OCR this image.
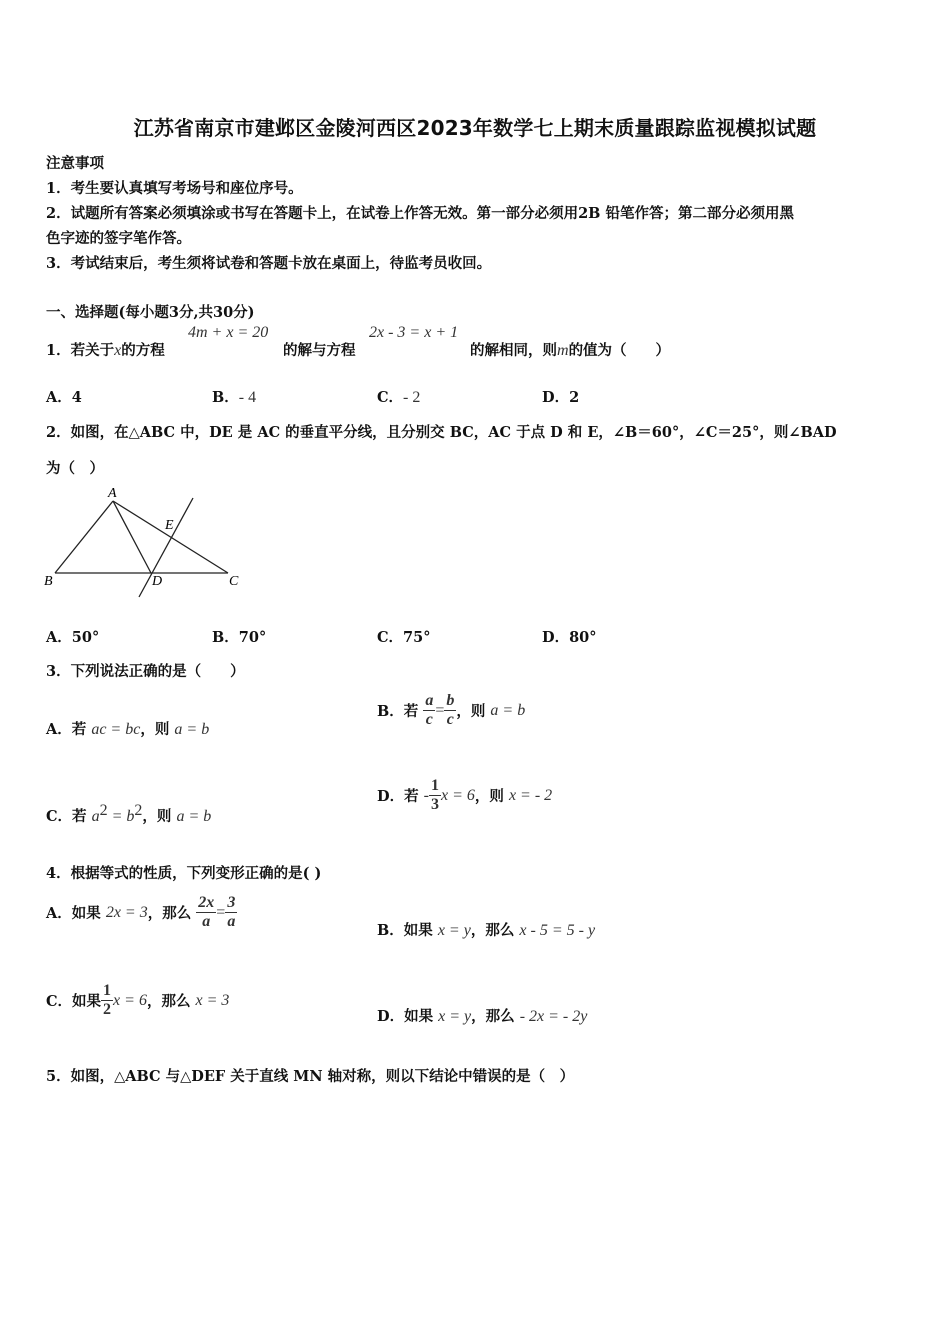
江苏省南京市建邺区金陵河西区2023年数学七上期末质量跟踪监视模拟试题
注意事项
1．考生要认真填写考场号和座位序号。
2．试题所有答案必须填涂或书写在答题卡上，在试卷上作答无效。第一部分必须用2B 铅笔作答；第二部分必须用黑
色字迹的签字笔作答。
3．考试结束后，考生须将试卷和答题卡放在桌面上，待监考员收回。
一、选择题(每小题3分,共30分)
1．若关于x的方程
4m + x = 20
的解与方程
2x - 3 = x + 1
的解相同，则m的值为（　　）
A．4	B．- 4	C．- 2	D．2
2．如图，在△ABC 中，DE 是 AC 的垂直平分线，且分别交 BC，AC 于点 D 和 E，∠B＝60°，∠C＝25°，则∠BAD
为（　）
A
B	C
D
E
A．50°	B．70°	C．75°	D．80°
3．下列说法正确的是（　　）
A．若 ac = bc，则 a = b
B．若
$\frac{a}{c} = \frac{b}{c}$ ，则
a = b
C．若 $a^2 = b^2$，则 a = b
D．若
- $\frac{1}{3}$ x = 6 ，则
x = - 2
4．根据等式的性质，下列变形正确的是( )
A．如果
2x = 3 ，那么
$\frac{2x}{a} = \frac{3}{a}$	B．如果 x = y，那么 x - 5 = 5 - y
C．如果 $\frac{1}{2}$ x = 6 ，那么
x = 3
D．如果 x = y，那么 - 2x = - 2y
5．如图，△ABC 与△DEF 关于直线 MN 轴对称，则以下结论中错误的是（　）
